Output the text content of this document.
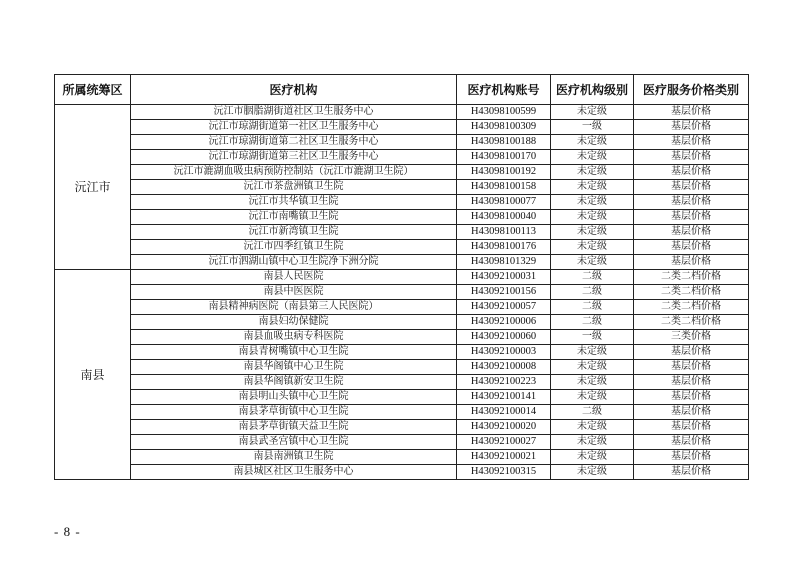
所属统筹区	医疗机构	医疗机构账号	医疗机构级别	医疗服务价格类别
沅江市	沅江市胭脂湖街道社区卫生服务中心	H43098100599	未定级	基层价格
	沅江市琼湖街道第一社区卫生服务中心	H43098100309	一级	基层价格
	沅江市琼湖街道第二社区卫生服务中心	H43098100188	未定级	基层价格
	沅江市琼湖街道第三社区卫生服务中心	H43098100170	未定级	基层价格
	沅江市漉湖血吸虫病预防控制站（沅江市漉湖卫生院）	H43098100192	未定级	基层价格
	沅江市茶盘洲镇卫生院	H43098100158	未定级	基层价格
	沅江市共华镇卫生院	H43098100077	未定级	基层价格
	沅江市南嘴镇卫生院	H43098100040	未定级	基层价格
	沅江市新湾镇卫生院	H43098100113	未定级	基层价格
	沅江市四季红镇卫生院	H43098100176	未定级	基层价格
	沅江市泗湖山镇中心卫生院净下洲分院	H43098101329	未定级	基层价格
南县	南县人民医院	H43092100031	二级	二类二档价格
	南县中医医院	H43092100156	二级	二类二档价格
	南县精神病医院（南县第三人民医院）	H43092100057	二级	二类二档价格
	南县妇幼保健院	H43092100006	二级	二类二档价格
	南县血吸虫病专科医院	H43092100060	一级	三类价格
	南县青树嘴镇中心卫生院	H43092100003	未定级	基层价格
	南县华阁镇中心卫生院	H43092100008	未定级	基层价格
	南县华阁镇新安卫生院	H43092100223	未定级	基层价格
	南县明山头镇中心卫生院	H43092100141	未定级	基层价格
	南县茅草街镇中心卫生院	H43092100014	二级	基层价格
	南县茅草街镇天益卫生院	H43092100020	未定级	基层价格
	南县武圣宫镇中心卫生院	H43092100027	未定级	基层价格
	南县南洲镇卫生院	H43092100021	未定级	基层价格
	南县城区社区卫生服务中心	H43092100315	未定级	基层价格
- 8 -
